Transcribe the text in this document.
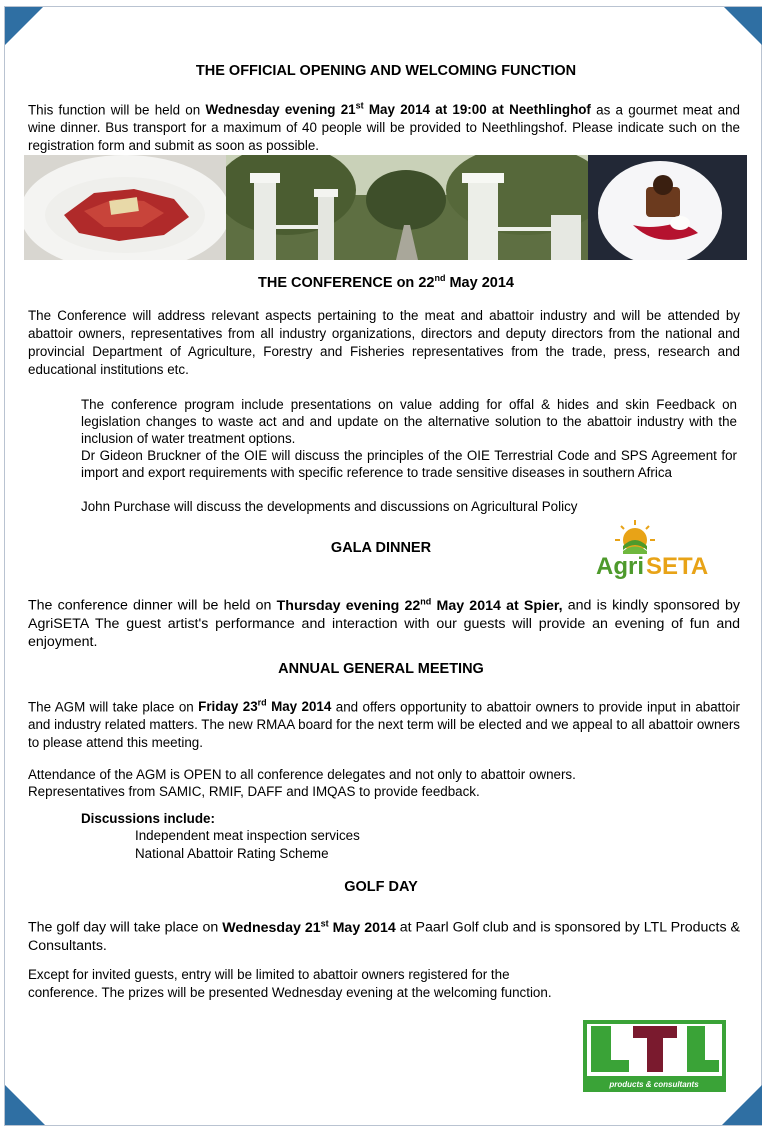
THE OFFICIAL OPENING AND WELCOMING FUNCTION
This function will be held on Wednesday evening 21st May 2014 at 19:00 at Neethlinghof as a gourmet meat and wine dinner. Bus transport for a maximum of 40 people will be provided to Neethlingshof. Please indicate such on the registration form and submit as soon as possible.
THE CONFERENCE on 22nd May 2014
The Conference will address relevant aspects pertaining to the meat and abattoir industry and will be attended by abattoir owners, representatives from all industry organizations, directors and deputy directors from the national and provincial Department of Agriculture, Forestry and Fisheries representatives from the trade, press, research and educational institutions etc.
The conference program include presentations on value adding for offal & hides and skin Feedback on legislation changes to waste act and and update on the alternative solution to the abattoir industry with the inclusion of water treatment options.
Dr Gideon Bruckner of the OIE will discuss the principles of the OIE Terrestrial Code and SPS Agreement for import and export requirements with specific reference to trade sensitive diseases in southern Africa
John Purchase will discuss the developments and discussions on Agricultural Policy
GALA DINNER
Agri SETA
The conference dinner will be held on Thursday evening 22nd May 2014 at Spier, and is kindly sponsored by AgriSETA The guest artist's performance and interaction with our guests will provide an evening of fun and enjoyment.
ANNUAL GENERAL MEETING
The AGM will take place on Friday 23rd May 2014 and offers opportunity to abattoir owners to provide input in abattoir and industry related matters. The new RMAA board for the next term will be elected and we appeal to all abattoir owners to please attend this meeting.
Attendance of the AGM is OPEN to all conference delegates and not only to abattoir owners.
Representatives from SAMIC, RMIF, DAFF and IMQAS to provide feedback.
Discussions include:
Independent meat inspection services
National Abattoir Rating Scheme
GOLF DAY
The golf day will take place on Wednesday 21st May 2014 at Paarl Golf club and is sponsored by LTL Products & Consultants.
Except for invited guests, entry will be limited to abattoir owners registered for the conference. The prizes will be presented Wednesday evening at the welcoming function.
products & consultants
